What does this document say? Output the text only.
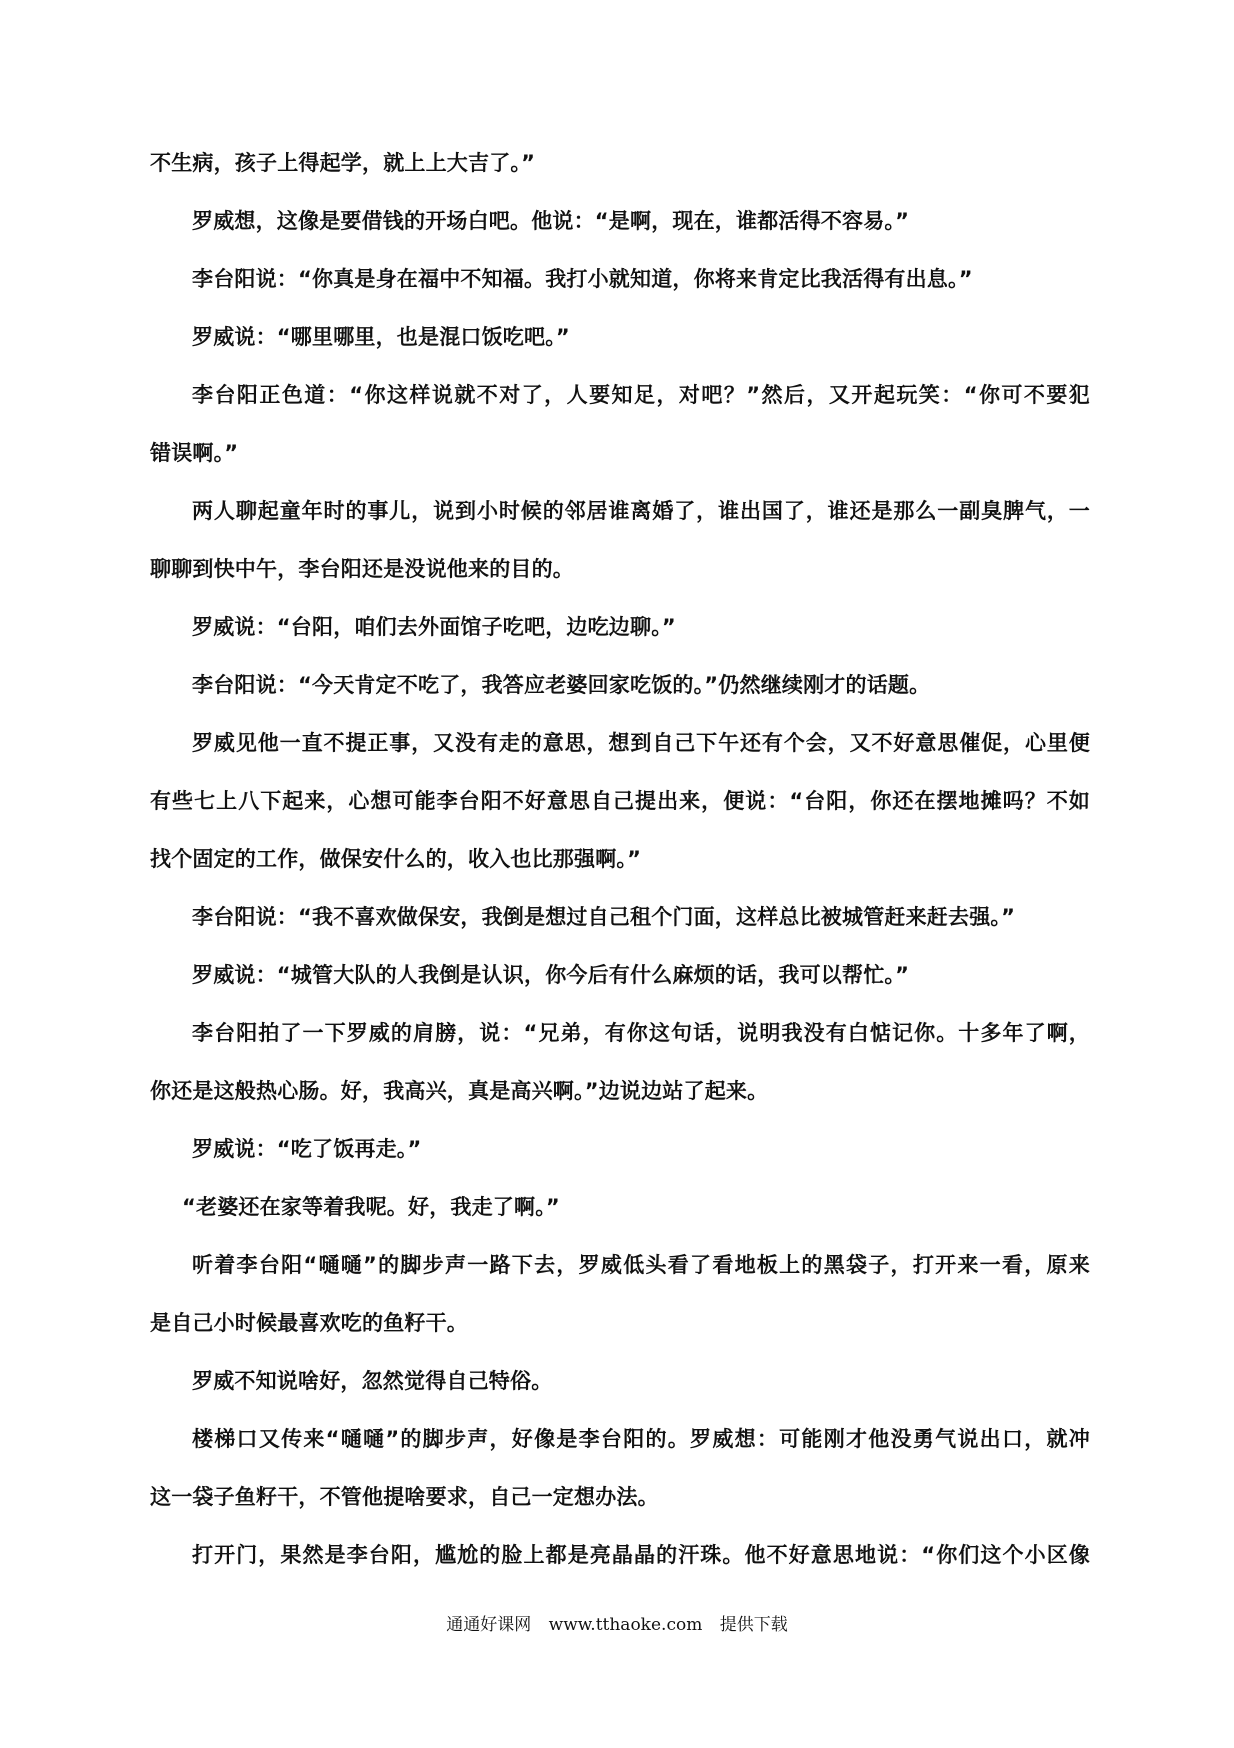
不生病，孩子上得起学，就上上大吉了。”
罗威想，这像是要借钱的开场白吧。他说：“是啊，现在，谁都活得不容易。”
李台阳说：“你真是身在福中不知福。我打小就知道，你将来肯定比我活得有出息。”
罗威说：“哪里哪里，也是混口饭吃吧。”
李台阳正色道：“你这样说就不对了，人要知足，对吧？”然后，又开起玩笑：“你可不要犯
错误啊。”
两人聊起童年时的事儿，说到小时候的邻居谁离婚了，谁出国了，谁还是那么一副臭脾气，一
聊聊到快中午，李台阳还是没说他来的目的。
罗威说：“台阳，咱们去外面馆子吃吧，边吃边聊。”
李台阳说：“今天肯定不吃了，我答应老婆回家吃饭的。”仍然继续刚才的话题。
罗威见他一直不提正事，又没有走的意思，想到自己下午还有个会，又不好意思催促，心里便
有些七上八下起来，心想可能李台阳不好意思自己提出来，便说：“台阳，你还在摆地摊吗？不如
找个固定的工作，做保安什么的，收入也比那强啊。”
李台阳说：“我不喜欢做保安，我倒是想过自己租个门面，这样总比被城管赶来赶去强。”
罗威说：“城管大队的人我倒是认识，你今后有什么麻烦的话，我可以帮忙。”
李台阳拍了一下罗威的肩膀，说：“兄弟，有你这句话，说明我没有白惦记你。十多年了啊，
你还是这般热心肠。好，我高兴，真是高兴啊。”边说边站了起来。
罗威说：“吃了饭再走。”
“老婆还在家等着我呢。好，我走了啊。”
听着李台阳“嗵嗵”的脚步声一路下去，罗威低头看了看地板上的黑袋子，打开来一看，原来
是自己小时候最喜欢吃的鱼籽干。
罗威不知说啥好，忽然觉得自己特俗。
楼梯口又传来“嗵嗵”的脚步声，好像是李台阳的。罗威想：可能刚才他没勇气说出口，就冲
这一袋子鱼籽干，不管他提啥要求，自己一定想办法。
打开门，果然是李台阳，尴尬的脸上都是亮晶晶的汗珠。他不好意思地说：“你们这个小区像
通通好课网 www.tthaoke.com 提供下载
